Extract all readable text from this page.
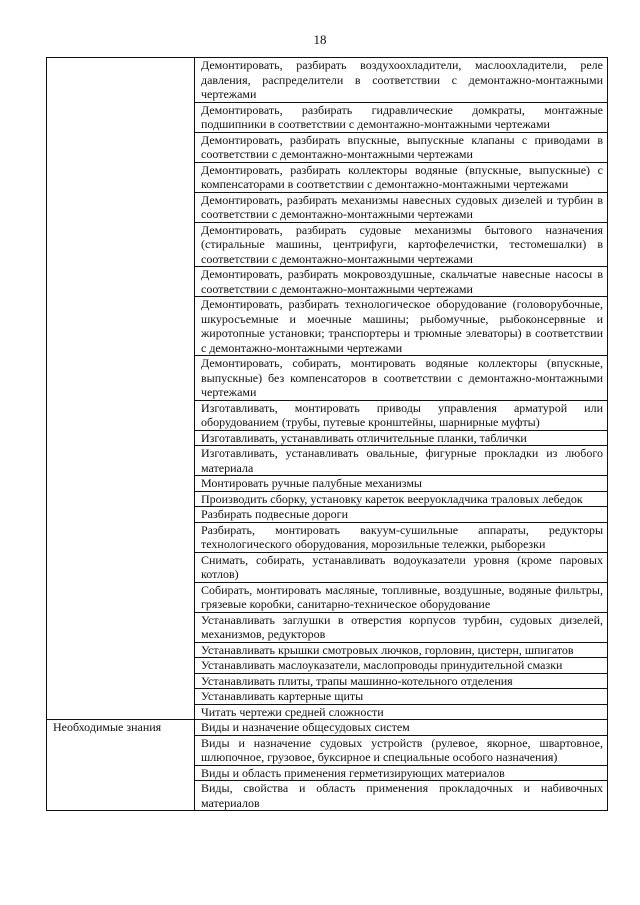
18
	Демонтировать, разбирать воздухоохладители, маслоохладители, реле давления, распределители в соответствии с демонтажно-монтажными чертежами
	Демонтировать, разбирать гидравлические домкраты, монтажные подшипники в соответствии с демонтажно-монтажными чертежами
	Демонтировать, разбирать впускные, выпускные клапаны с приводами в соответствии с демонтажно-монтажными чертежами
	Демонтировать, разбирать коллекторы водяные (впускные, выпускные) с компенсаторами в соответствии с демонтажно-монтажными чертежами
	Демонтировать, разбирать механизмы навесных судовых дизелей и турбин в соответствии с демонтажно-монтажными чертежами
	Демонтировать, разбирать судовые механизмы бытового назначения (стиральные машины, центрифуги, картофелечистки, тестомешалки) в соответствии с демонтажно-монтажными чертежами
	Демонтировать, разбирать мокровоздушные, скальчатые навесные насосы в соответствии с демонтажно-монтажными чертежами
	Демонтировать, разбирать технологическое оборудование (головорубочные, шкуросъемные и моечные машины; рыбомучные, рыбоконсервные и жиротопные установки; транспортеры и трюмные элеваторы) в соответствии с демонтажно-монтажными чертежами
	Демонтировать, собирать, монтировать водяные коллекторы (впускные, выпускные) без компенсаторов в соответствии с демонтажно-монтажными чертежами
	Изготавливать, монтировать приводы управления арматурой или оборудованием (трубы, путевые кронштейны, шарнирные муфты)
	Изготавливать, устанавливать отличительные планки, таблички
	Изготавливать, устанавливать овальные, фигурные прокладки из любого материала
	Монтировать ручные палубные механизмы
	Производить сборку, установку кареток вееруокладчика траловых лебедок
	Разбирать подвесные дороги
	Разбирать, монтировать вакуум-сушильные аппараты, редукторы технологического оборудования, морозильные тележки, рыборезки
	Снимать, собирать, устанавливать водоуказатели уровня (кроме паровых котлов)
	Собирать, монтировать масляные, топливные, воздушные, водяные фильтры, грязевые коробки, санитарно-техническое оборудование
	Устанавливать заглушки в отверстия корпусов турбин, судовых дизелей, механизмов, редукторов
	Устанавливать крышки смотровых лючков, горловин, цистерн, шпигатов
	Устанавливать маслоуказатели, маслопроводы принудительной смазки
	Устанавливать плиты, трапы машинно-котельного отделения
	Устанавливать картерные щиты
	Читать чертежи средней сложности
Необходимые знания	Виды и назначение общесудовых систем
	Виды и назначение судовых устройств (рулевое, якорное, швартовное, шлюпочное, грузовое, буксирное и специальные особого назначения)
	Виды и область применения герметизирующих материалов
	Виды, свойства и область применения прокладочных и набивочных материалов
